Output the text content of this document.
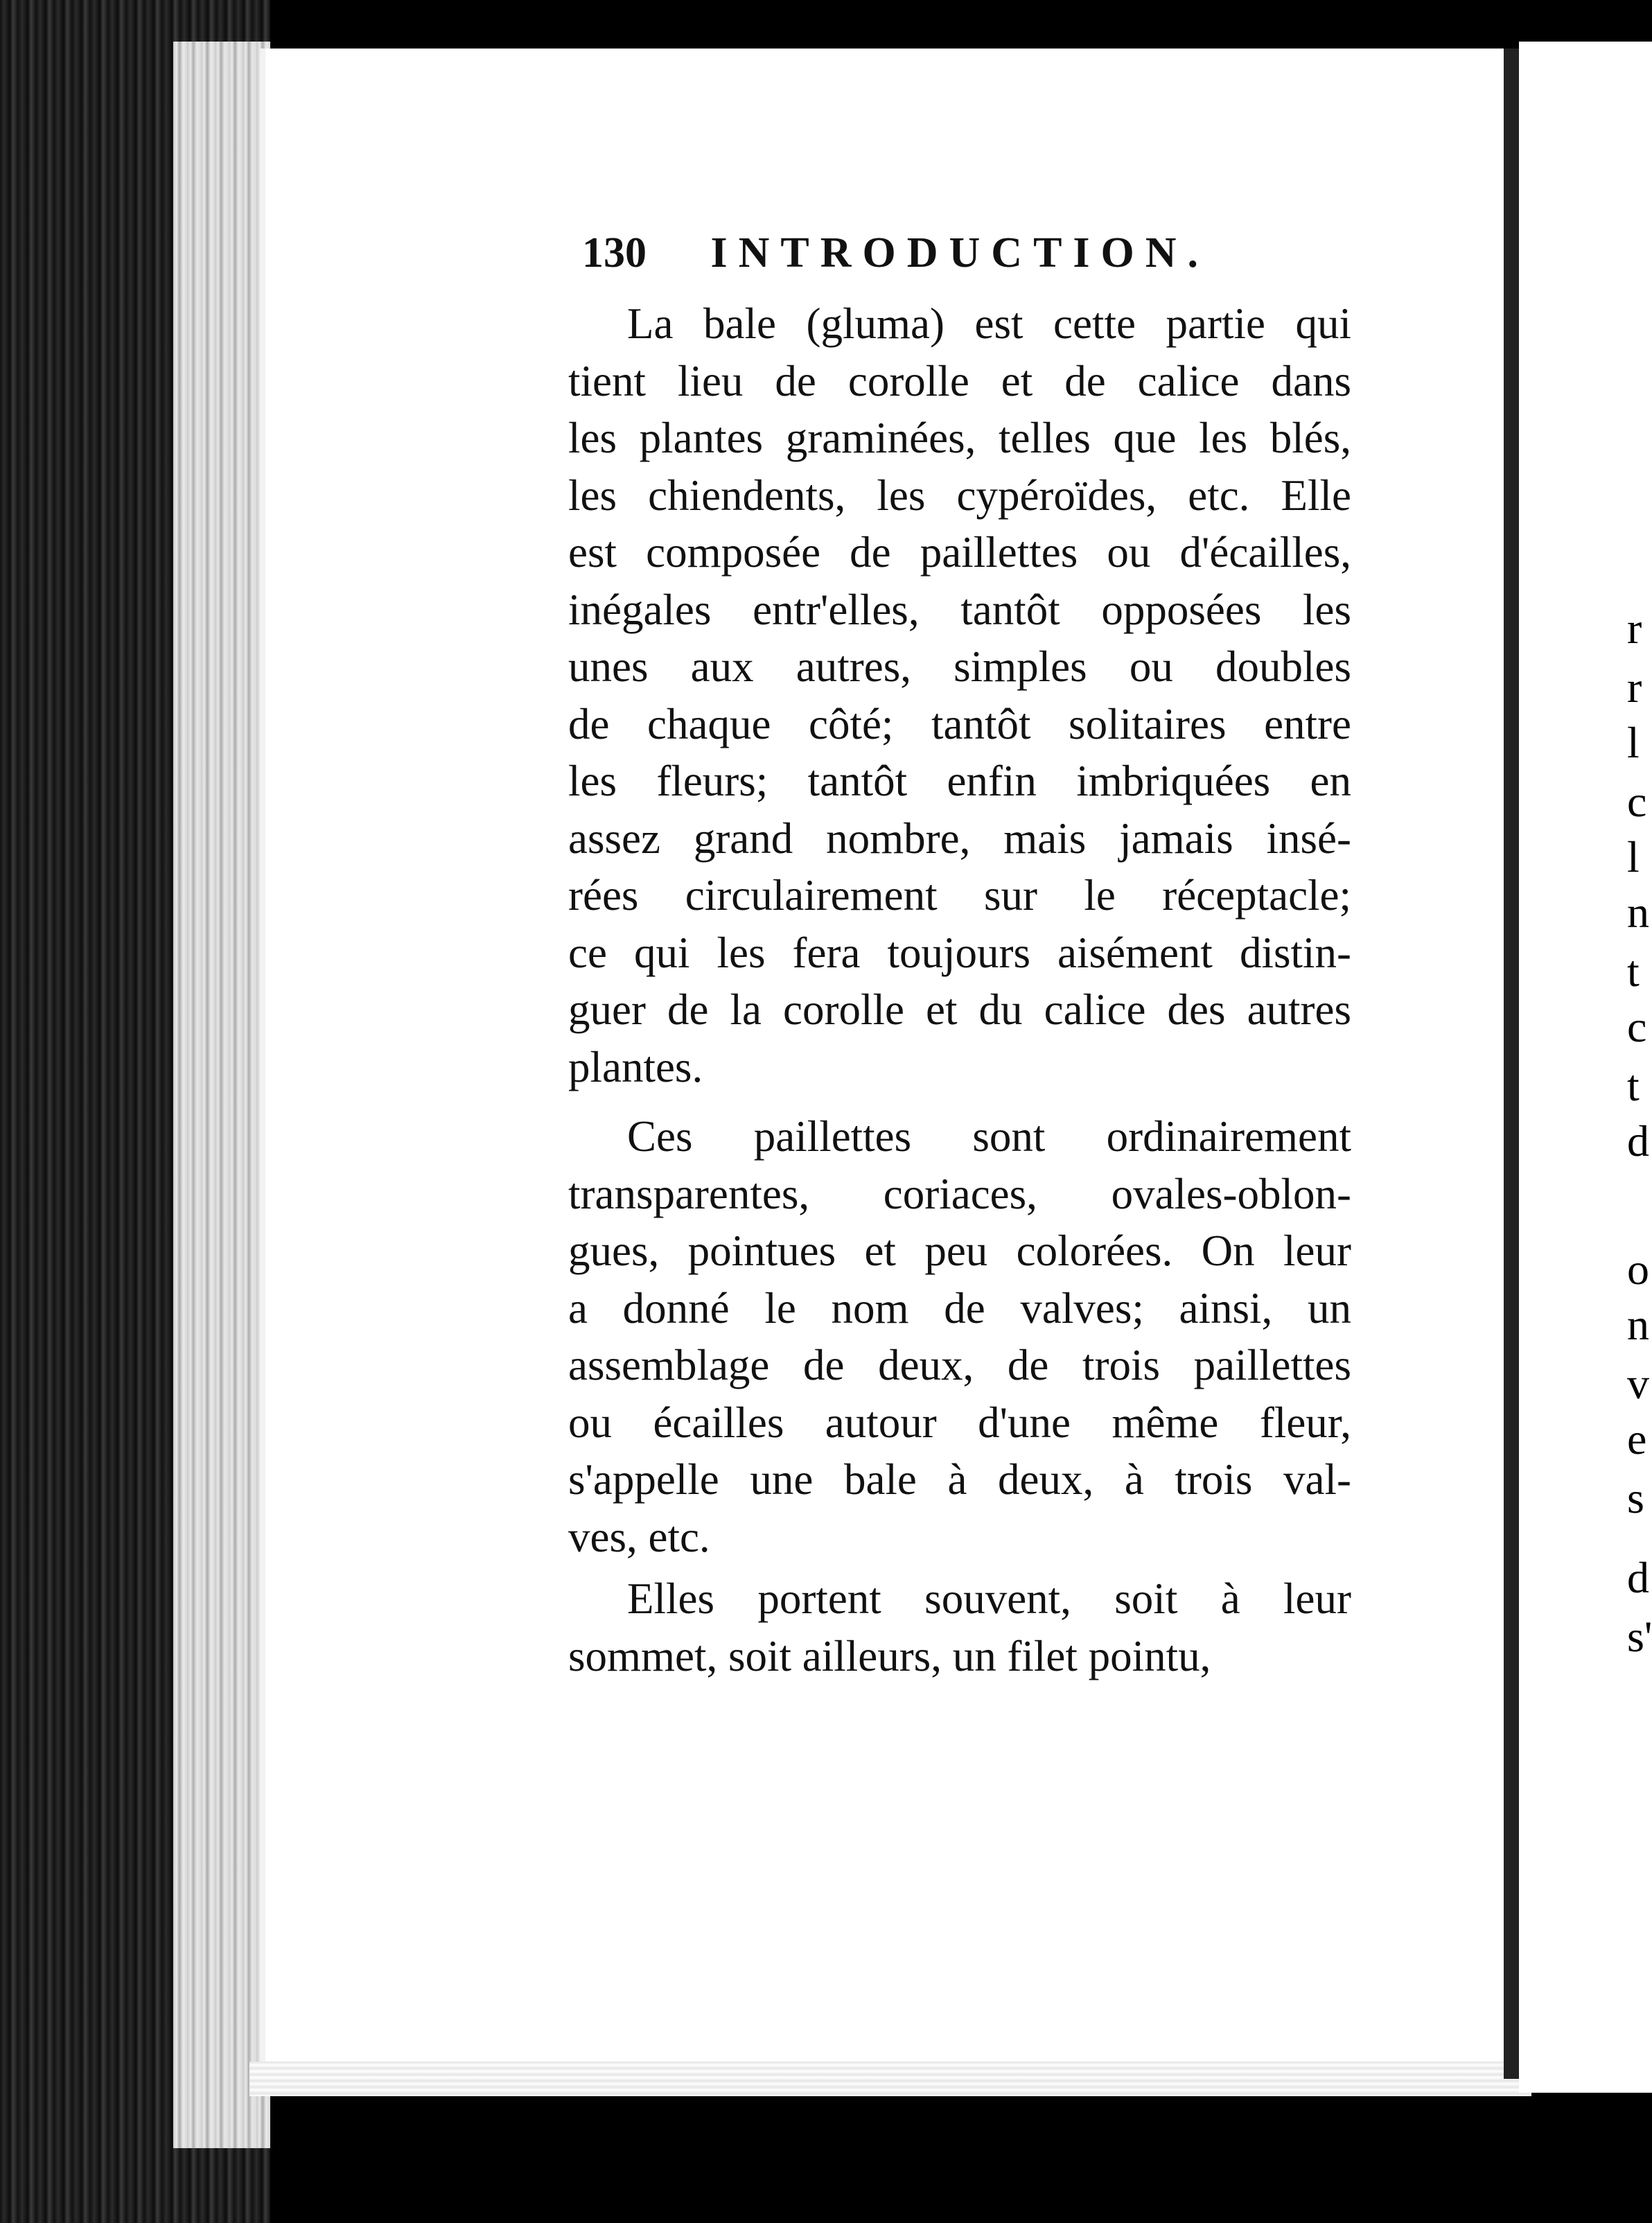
r
r
l
c
l
n
t
c
t
d
o
n
v
e
s
d
s'
130 INTRODUCTION.
La bale (gluma) est cette partie qui
tient lieu de corolle et de calice dans
les plantes graminées, telles que les blés,
les chiendents, les cypéroïdes, etc. Elle
est composée de paillettes ou d'écailles,
inégales entr'elles, tantôt opposées les
unes aux autres, simples ou doubles
de chaque côté; tantôt solitaires entre
les fleurs; tantôt enfin imbriquées en
assez grand nombre, mais jamais insé-
rées circulairement sur le réceptacle;
ce qui les fera toujours aisément distin-
guer de la corolle et du calice des autres
plantes.
Ces paillettes sont ordinairement
transparentes, coriaces, ovales-oblon-
gues, pointues et peu colorées. On leur
a donné le nom de valves; ainsi, un
assemblage de deux, de trois paillettes
ou écailles autour d'une même fleur,
s'appelle une bale à deux, à trois val-
ves, etc.
Elles portent souvent, soit à leur
sommet, soit ailleurs, un filet pointu,
